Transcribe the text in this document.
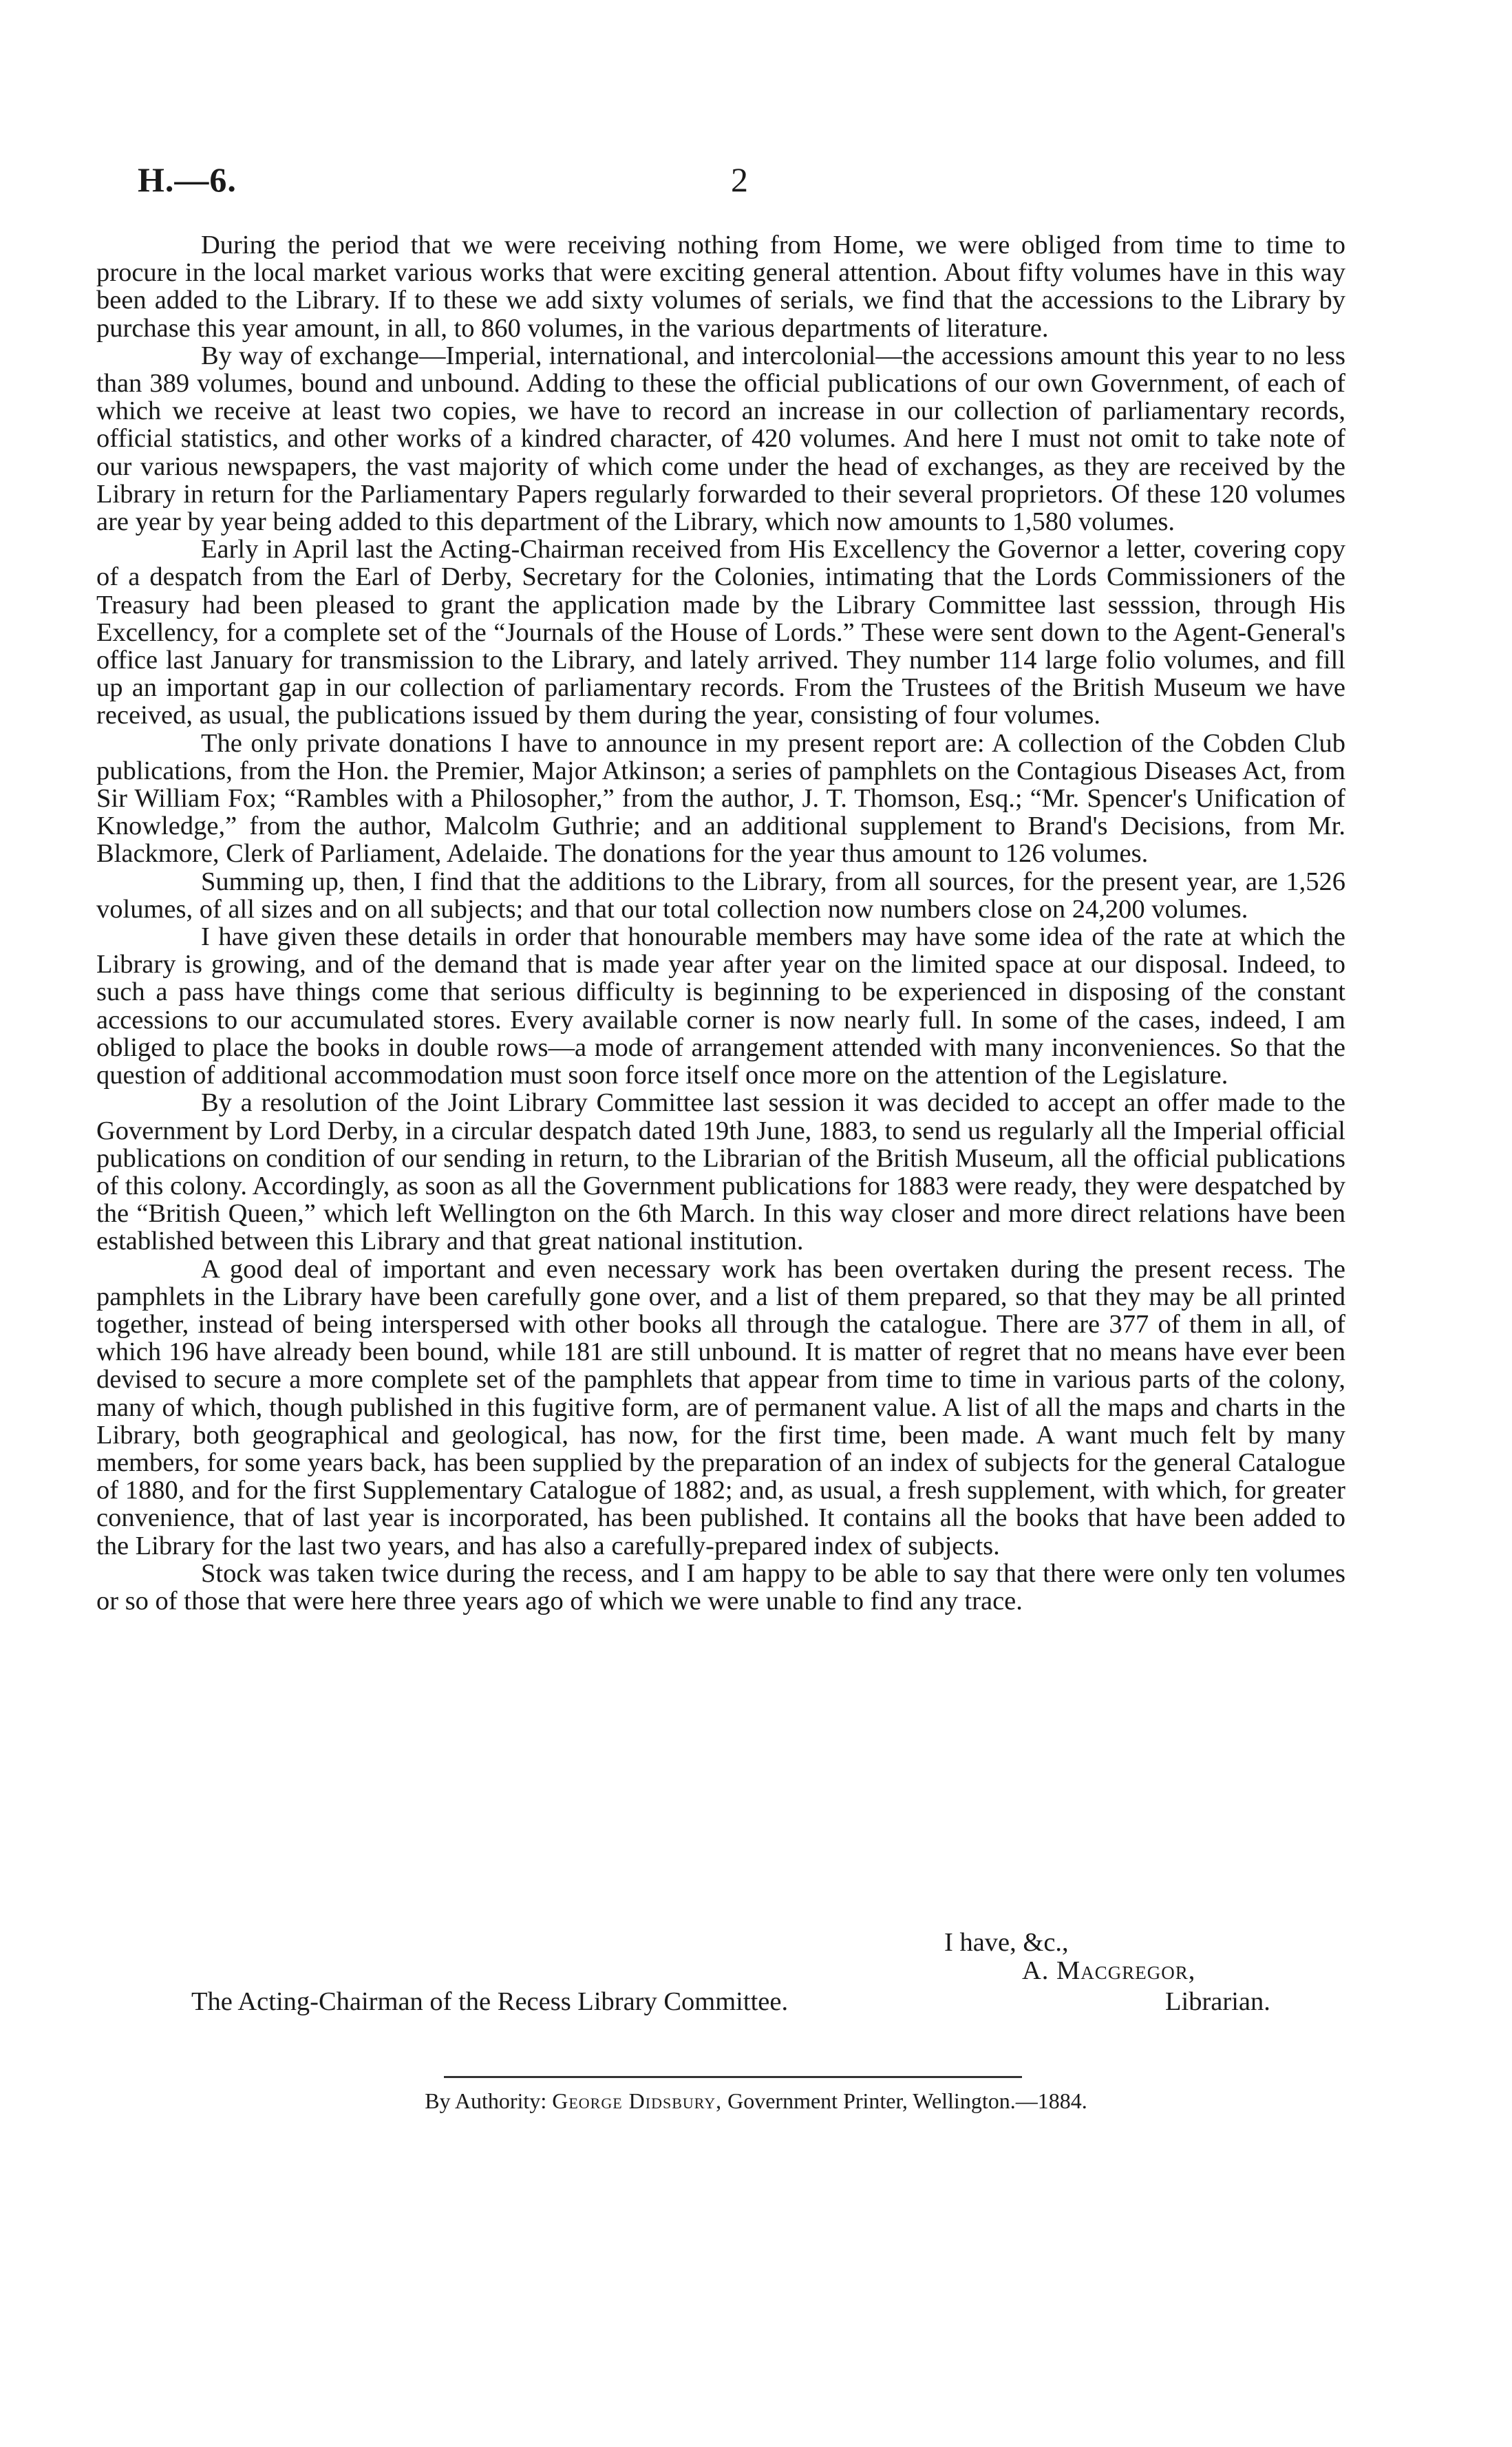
H.—6.	2

During the period that we were receiving nothing from Home, we were obliged from time to time to procure in the local market various works that were exciting general attention. About fifty volumes have in this way been added to the Library. If to these we add sixty volumes of serials, we find that the accessions to the Library by purchase this year amount, in all, to 860 volumes, in the various departments of literature.

By way of exchange—Imperial, international, and intercolonial—the accessions amount this year to no less than 389 volumes, bound and unbound. Adding to these the official publications of our own Government, of each of which we receive at least two copies, we have to record an increase in our collection of parliamentary records, official statistics, and other works of a kindred character, of 420 volumes. And here I must not omit to take note of our various newspapers, the vast majority of which come under the head of exchanges, as they are received by the Library in return for the Parliamentary Papers regularly forwarded to their several proprietors. Of these 120 volumes are year by year being added to this department of the Library, which now amounts to 1,580 volumes.

Early in April last the Acting-Chairman received from His Excellency the Governor a letter, covering copy of a despatch from the Earl of Derby, Secretary for the Colonies, intimating that the Lords Commissioners of the Treasury had been pleased to grant the application made by the Library Committee last sesssion, through His Excellency, for a complete set of the “Journals of the House of Lords.” These were sent down to the Agent-General's office last January for transmission to the Library, and lately arrived. They number 114 large folio volumes, and fill up an important gap in our collection of parliamentary records. From the Trustees of the British Museum we have received, as usual, the publications issued by them during the year, consisting of four volumes.

The only private donations I have to announce in my present report are: A collection of the Cobden Club publications, from the Hon. the Premier, Major Atkinson; a series of pamphlets on the Contagious Diseases Act, from Sir William Fox; “Rambles with a Philosopher,” from the author, J. T. Thomson, Esq.; “Mr. Spencer's Unification of Knowledge,” from the author, Malcolm Guthrie; and an additional supplement to Brand's Decisions, from Mr. Blackmore, Clerk of Parliament, Adelaide. The donations for the year thus amount to 126 volumes.

Summing up, then, I find that the additions to the Library, from all sources, for the present year, are 1,526 volumes, of all sizes and on all subjects; and that our total collection now numbers close on 24,200 volumes.

I have given these details in order that honourable members may have some idea of the rate at which the Library is growing, and of the demand that is made year after year on the limited space at our disposal. Indeed, to such a pass have things come that serious difficulty is beginning to be experienced in disposing of the constant accessions to our accumulated stores. Every available corner is now nearly full. In some of the cases, indeed, I am obliged to place the books in double rows—a mode of arrangement attended with many inconveniences. So that the question of additional accommodation must soon force itself once more on the attention of the Legislature.

By a resolution of the Joint Library Committee last session it was decided to accept an offer made to the Government by Lord Derby, in a circular despatch dated 19th June, 1883, to send us regularly all the Imperial official publications on condition of our sending in return, to the Librarian of the British Museum, all the official publications of this colony. Accordingly, as soon as all the Government publications for 1883 were ready, they were despatched by the “British Queen,” which left Wellington on the 6th March. In this way closer and more direct relations have been established between this Library and that great national institution.

A good deal of important and even necessary work has been overtaken during the present recess. The pamphlets in the Library have been carefully gone over, and a list of them prepared, so that they may be all printed together, instead of being interspersed with other books all through the catalogue. There are 377 of them in all, of which 196 have already been bound, while 181 are still unbound. It is matter of regret that no means have ever been devised to secure a more complete set of the pamphlets that appear from time to time in various parts of the colony, many of which, though published in this fugitive form, are of permanent value. A list of all the maps and charts in the Library, both geographical and geological, has now, for the first time, been made. A want much felt by many members, for some years back, has been supplied by the preparation of an index of subjects for the general Catalogue of 1880, and for the first Supplementary Catalogue of 1882; and, as usual, a fresh supplement, with which, for greater convenience, that of last year is incorporated, has been published. It contains all the books that have been added to the Library for the last two years, and has also a carefully-prepared index of subjects.

Stock was taken twice during the recess, and I am happy to be able to say that there were only ten volumes or so of those that were here three years ago of which we were unable to find any trace.

I have, &c.,
A. Macgregor,
The Acting-Chairman of the Recess Library Committee.	Librarian.
By Authority: George Didsbury, Government Printer, Wellington.—1884.
